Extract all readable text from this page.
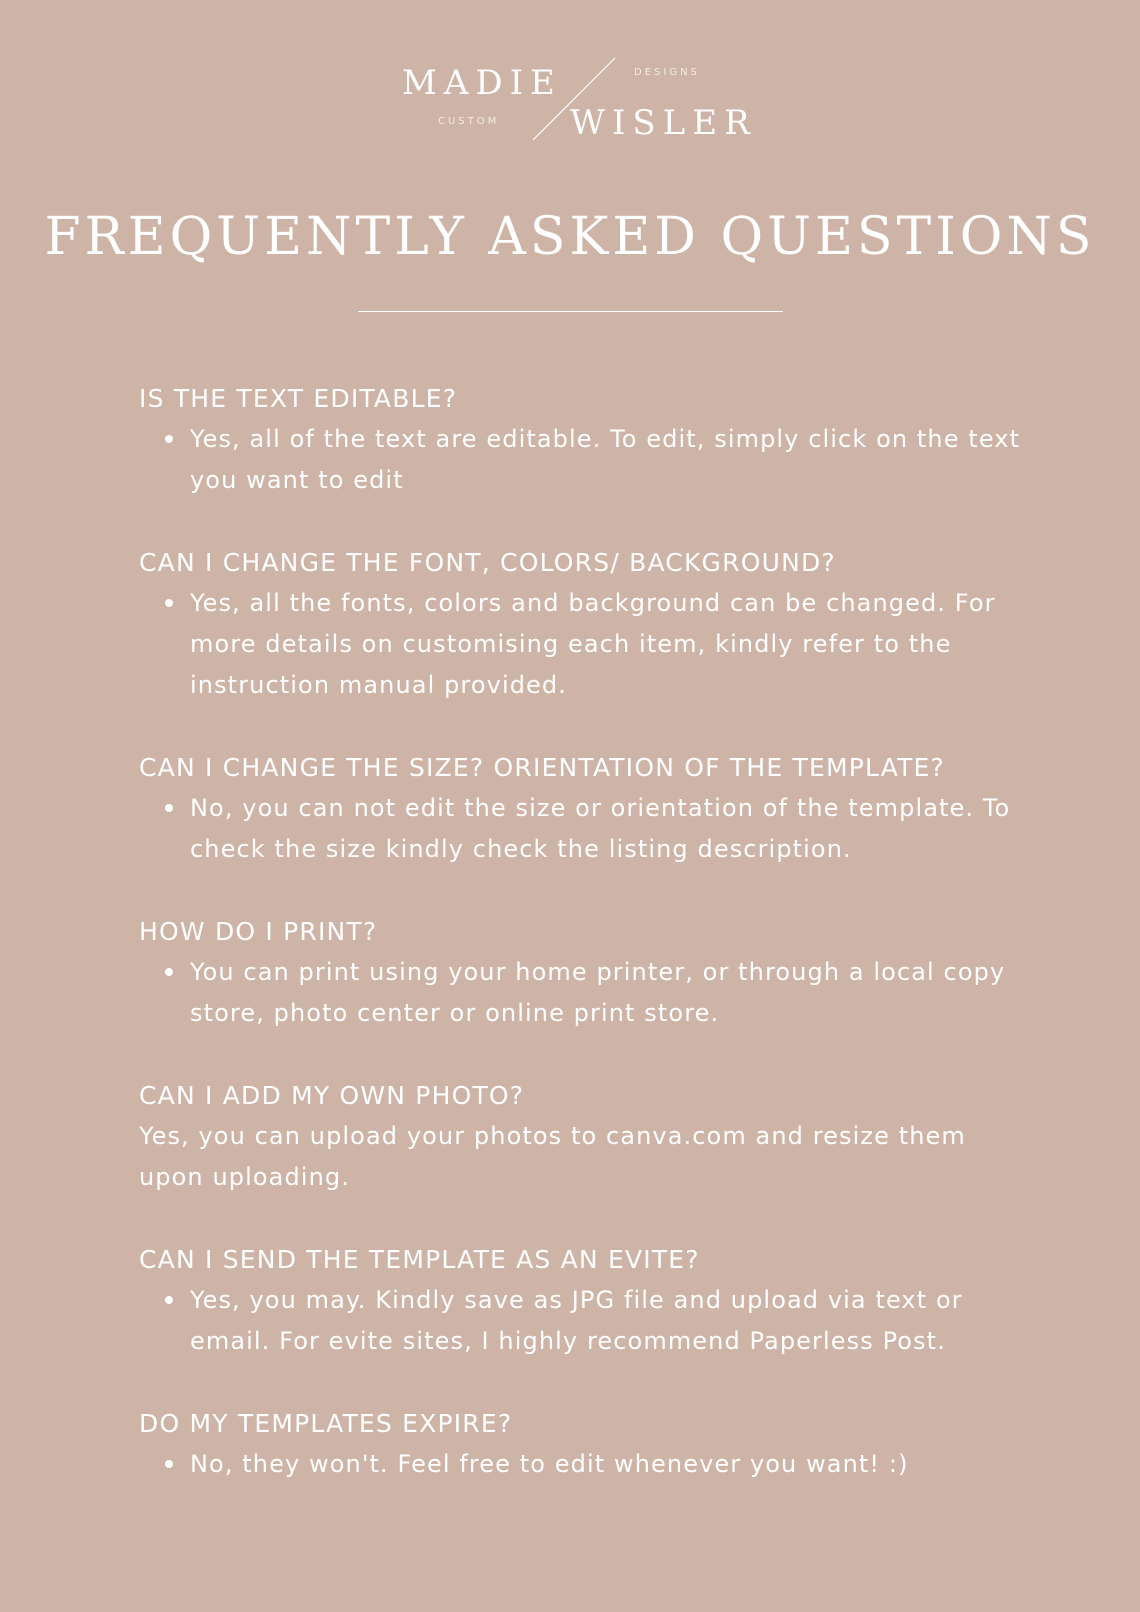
MADIE	DESIGNS
CUSTOM WISLER
FREQUENTLY ASKED QUESTIONS
IS THE TEXT EDITABLE?
Yes, all of the text are editable. To edit, simply click on the text you want to edit
CAN I CHANGE THE FONT, COLORS/ BACKGROUND?
Yes, all the fonts, colors and background can be changed. For more details on customising each item, kindly refer to the instruction manual provided.
CAN I CHANGE THE SIZE? ORIENTATION OF THE TEMPLATE?
No, you can not edit the size or orientation of the template. To check the size kindly check the listing description.
HOW DO I PRINT?
You can print using your home printer, or through a local copy store, photo center or online print store.
CAN I ADD MY OWN PHOTO?

Yes, you can upload your photos to canva.com and resize them upon uploading.

CAN I SEND THE TEMPLATE AS AN EVITE?
Yes, you may. Kindly save as JPG file and upload via text or email. For evite sites, I highly recommend Paperless Post.
DO MY TEMPLATES EXPIRE?
No, they won't. Feel free to edit whenever you want! :)
